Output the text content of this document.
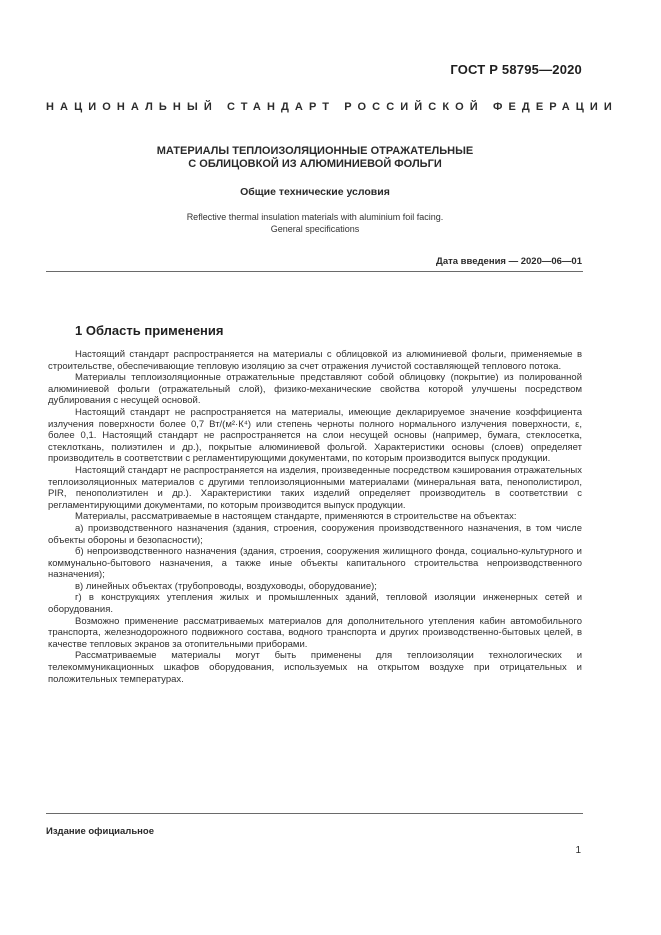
ГОСТ Р 58795—2020
НАЦИОНАЛЬНЫЙ СТАНДАРТ РОССИЙСКОЙ ФЕДЕРАЦИИ
МАТЕРИАЛЫ ТЕПЛОИЗОЛЯЦИОННЫЕ ОТРАЖАТЕЛЬНЫЕ
С ОБЛИЦОВКОЙ ИЗ АЛЮМИНИЕВОЙ ФОЛЬГИ
Общие технические условия
Reflective thermal insulation materials with aluminium foil facing.
General specifications
Дата введения — 2020—06—01
1 Область применения

Настоящий стандарт распространяется на материалы с облицовкой из алюминиевой фольги, применяемые в строительстве, обеспечивающие тепловую изоляцию за счет отражения лучистой составляющей теплового потока.

Материалы теплоизоляционные отражательные представляют собой облицовку (покрытие) из полированной алюминиевой фольги (отражательный слой), физико-механические свойства которой улучшены посредством дублирования с несущей основой.

Настоящий стандарт не распространяется на материалы, имеющие декларируемое значение коэффициента излучения поверхности более 0,7 Вт/(м²·К⁴) или степень черноты полного нормального излучения поверхности, ε, более 0,1. Настоящий стандарт не распространяется на слои несущей основы (например, бумага, стеклосетка, стеклоткань, полиэтилен и др.), покрытые алюминиевой фольгой. Характеристики основы (слоев) определяет производитель в соответствии с регламентирующими документами, по которым производится выпуск продукции.

Настоящий стандарт не распространяется на изделия, произведенные посредством кэширования отражательных теплоизоляционных материалов с другими теплоизоляционными материалами (минеральная вата, пенополистирол, PIR, пенополиэтилен и др.). Характеристики таких изделий определяет производитель в соответствии с регламентирующими документами, по которым производится выпуск продукции.

Материалы, рассматриваемые в настоящем стандарте, применяются в строительстве на объектах:

а) производственного назначения (здания, строения, сооружения производственного назначения, в том числе объекты обороны и безопасности);

б) непроизводственного назначения (здания, строения, сооружения жилищного фонда, социально-культурного и коммунально-бытового назначения, а также иные объекты капитального строительства непроизводственного назначения);

в) линейных объектах (трубопроводы, воздуховоды, оборудование);

г) в конструкциях утепления жилых и промышленных зданий, тепловой изоляции инженерных сетей и оборудования.

Возможно применение рассматриваемых материалов для дополнительного утепления кабин автомобильного транспорта, железнодорожного подвижного состава, водного транспорта и других производственно-бытовых целей, в качестве тепловых экранов за отопительными приборами.

Рассматриваемые материалы могут быть применены для теплоизоляции технологических и телекоммуникационных шкафов оборудования, используемых на открытом воздухе при отрицательных и положительных температурах.

Издание официальное
1
